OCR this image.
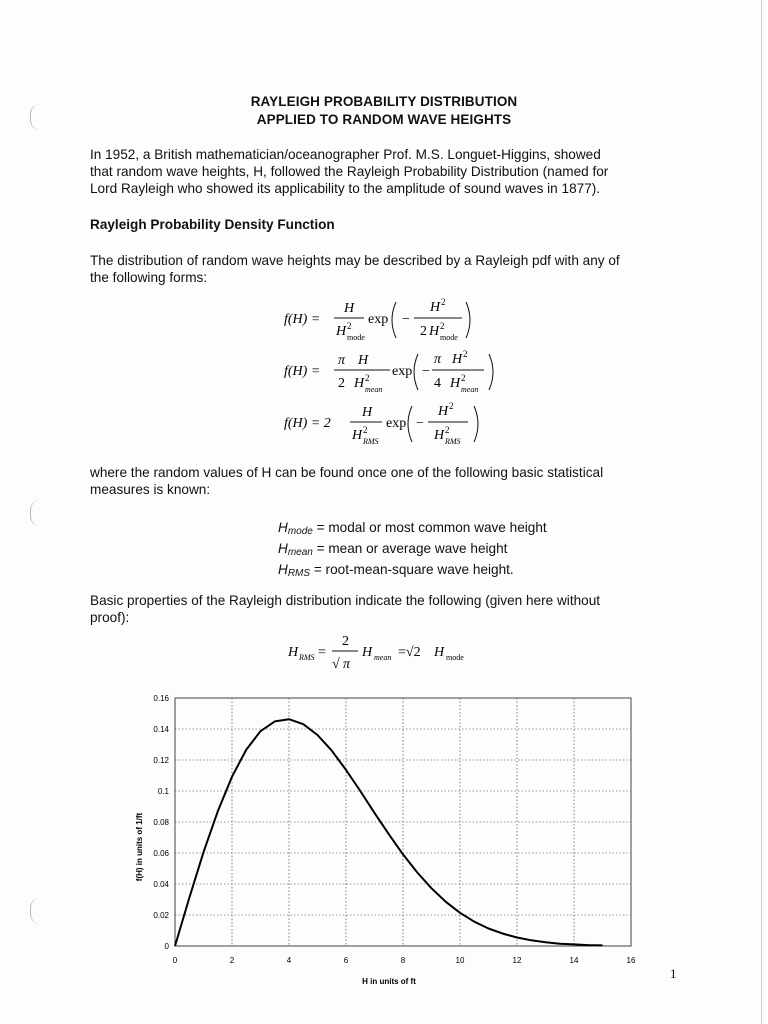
RAYLEIGH PROBABILITY DISTRIBUTION
APPLIED TO RANDOM WAVE HEIGHTS
In 1952, a British mathematician/oceanographer Prof. M.S. Longuet-Higgins, showed
that random wave heights, H, followed the Rayleigh Probability Distribution (named for
Lord Rayleigh who showed its applicability to the amplitude of sound waves in 1877).
Rayleigh Probability Density Function
The distribution of random wave heights may be described by a Rayleigh pdf with any of
the following forms:
f(H) =
H
H 2
mode
exp −
H 2
2 H 2
mode
f(H) =
π H
2 H 2
mean
exp −
π H 2
4 H 2
mean
f(H) = 2
H
H 2
RMS
exp −
H 2
H 2
RMS
where the random values of H can be found once one of the following basic statistical
measures is known:
$H_{mode}$ = modal or most common wave height
$H_{mean}$ = mean or average wave height
$H_{RMS}$ = root-mean-square wave height.
Basic properties of the Rayleigh distribution indicate the following (given here without
proof):
H RMS =
2
√ π
H mean =√2 H mode
0	2	4	6	8	10	12	14	16
0
0.02
0.04
0.06
0.08
0.1
0.12
0.14
0.16
H in units of ft
f(H) in units of 1/ft
1
